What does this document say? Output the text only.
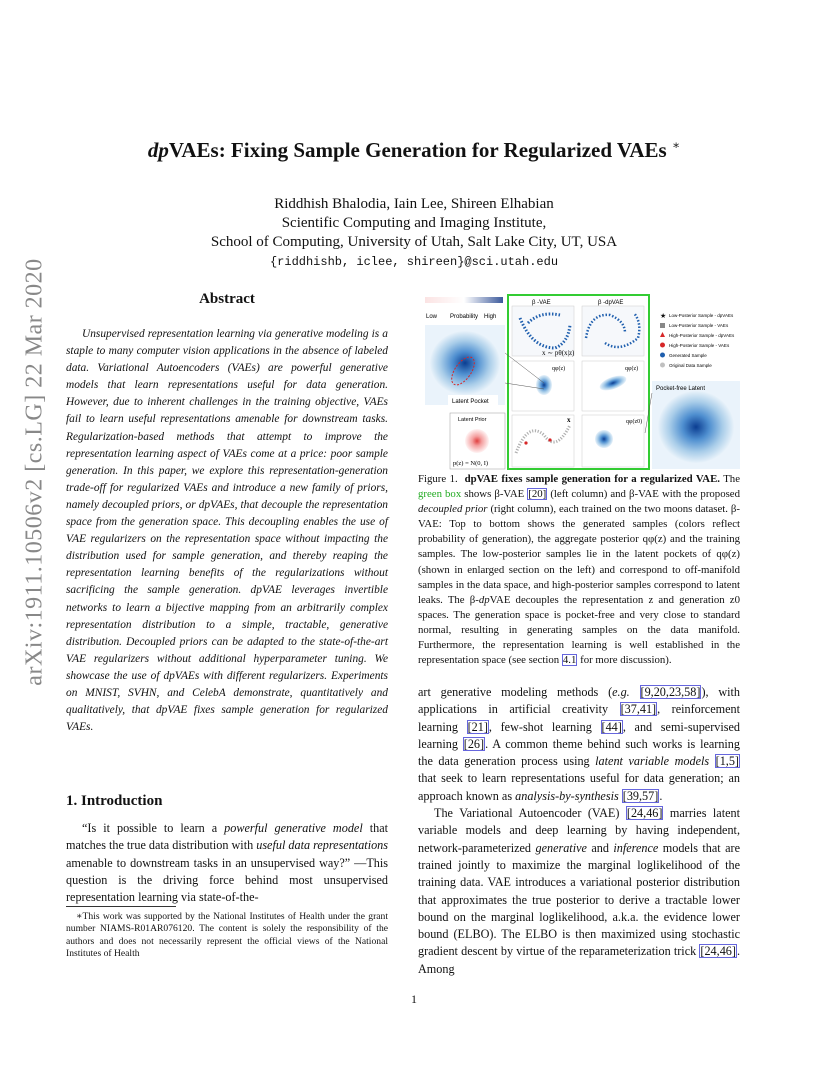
arXiv:1911.10506v2 [cs.LG] 22 Mar 2020
dpVAEs: Fixing Sample Generation for Regularized VAEs ∗
Riddhish Bhalodia, Iain Lee, Shireen Elhabian
Scientific Computing and Imaging Institute,
School of Computing, University of Utah, Salt Lake City, UT, USA
{riddhishb, iclee, shireen}@sci.utah.edu
Abstract
Unsupervised representation learning via generative modeling is a staple to many computer vision applications in the absence of labeled data. Variational Autoencoders (VAEs) are powerful generative models that learn representations useful for data generation. However, due to inherent challenges in the training objective, VAEs fail to learn useful representations amenable for downstream tasks. Regularization-based methods that attempt to improve the representation learning aspect of VAEs come at a price: poor sample generation. In this paper, we explore this representation-generation trade-off for regularized VAEs and introduce a new family of priors, namely decoupled priors, or dpVAEs, that decouple the representation space from the generation space. This decoupling enables the use of VAE regularizers on the representation space without impacting the distribution used for sample generation, and thereby reaping the representation learning benefits of the regularizations without sacrificing the sample generation. dpVAE leverages invertible networks to learn a bijective mapping from an arbitrarily complex representation distribution to a simple, tractable, generative distribution. Decoupled priors can be adapted to the state-of-the-art VAE regularizers without additional hyperparameter tuning. We showcase the use of dpVAEs with different regularizers. Experiments on MNIST, SVHN, and CelebA demonstrate, quantitatively and qualitatively, that dpVAE fixes sample generation for regularized VAEs.
1. Introduction
“Is it possible to learn a powerful generative model that matches the true data distribution with useful data representations amenable to downstream tasks in an unsupervised way?” —This question is the driving force behind most unsupervised representation learning via state-of-the-
∗This work was supported by the National Institutes of Health under the grant number NIAMS-R01AR076120. The content is solely the responsibility of the authors and does not necessarily represent the official views of the National Institutes of Health
Low Probability High
Latent Pocket
Latent Prior
p(z) = N(0, I)
β -VAE	β -dpVAE
x ∼ pθ(x|z)
qφ(z)	qφ(z)
x	qφ(z0)
★ Low-Posterior Sample - dpVAEs
Low-Posterior Sample - VAEs
High-Posterior Sample - dpVAEs
High-Posterior Sample - VAEs
Generated Sample
Original Data Sample
Pocket-free Latent
Figure 1. dpVAE fixes sample generation for a regularized VAE. The green box shows β-VAE [20] (left column) and β-VAE with the proposed decoupled prior (right column), each trained on the two moons dataset. β-VAE: Top to bottom shows the generated samples (colors reflect probability of generation), the aggregate posterior qφ(z) and the training samples. The low-posterior samples lie in the latent pockets of qφ(z) (shown in enlarged section on the left) and correspond to off-manifold samples in the data space, and high-posterior samples correspond to latent leaks. The β-dpVAE decouples the representation z and generation z0 spaces. The generation space is pocket-free and very close to standard normal, resulting in generating samples on the data manifold. Furthermore, the representation learning is well established in the representation space (see section 4.1 for more discussion).

art generative modeling methods (e.g. [9,20,23,58]), with applications in artificial creativity [37,41], reinforcement learning [21], few-shot learning [44], and semi-supervised learning [26]. A common theme behind such works is learning the data generation process using latent variable models [1,5] that seek to learn representations useful for data generation; an approach known as analysis-by-synthesis [39,57].

The Variational Autoencoder (VAE) [24,46] marries latent variable models and deep learning by having independent, network-parameterized generative and inference models that are trained jointly to maximize the marginal loglikelihood of the training data. VAE introduces a variational posterior distribution that approximates the true posterior to derive a tractable lower bound on the marginal loglikelihood, a.k.a. the evidence lower bound (ELBO). The ELBO is then maximized using stochastic gradient descent by virtue of the reparameterization trick [24,46]. Among

1
